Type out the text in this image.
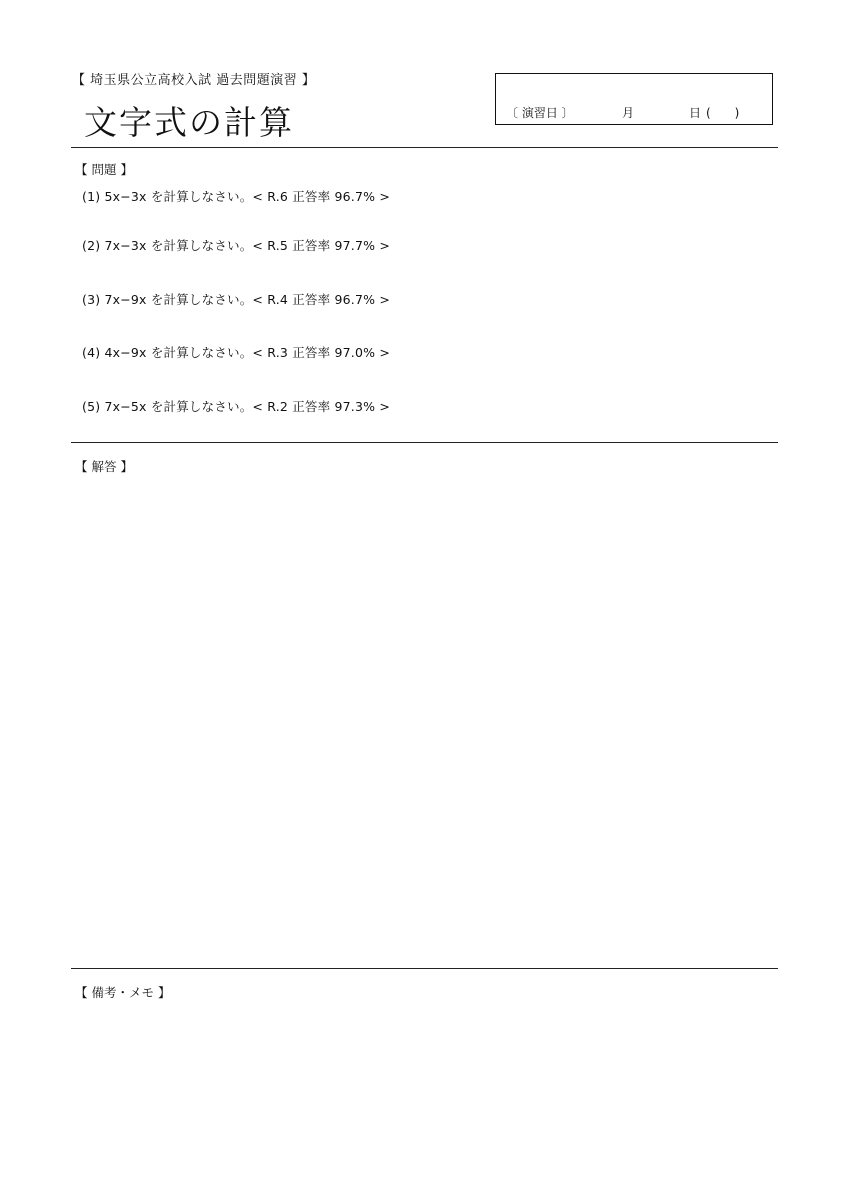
【 埼玉県公立高校入試 過去問題演習 】
文字式の計算	〔 演習日 〕	月	日 (　　)
【 問題 】
(1) 5x−3x を計算しなさい。< R.6 正答率 96.7% >
(2) 7x−3x を計算しなさい。< R.5 正答率 97.7% >
(3) 7x−9x を計算しなさい。< R.4 正答率 96.7% >
(4) 4x−9x を計算しなさい。< R.3 正答率 97.0% >
(5) 7x−5x を計算しなさい。< R.2 正答率 97.3% >
【 解答 】
【 備考・メモ 】
